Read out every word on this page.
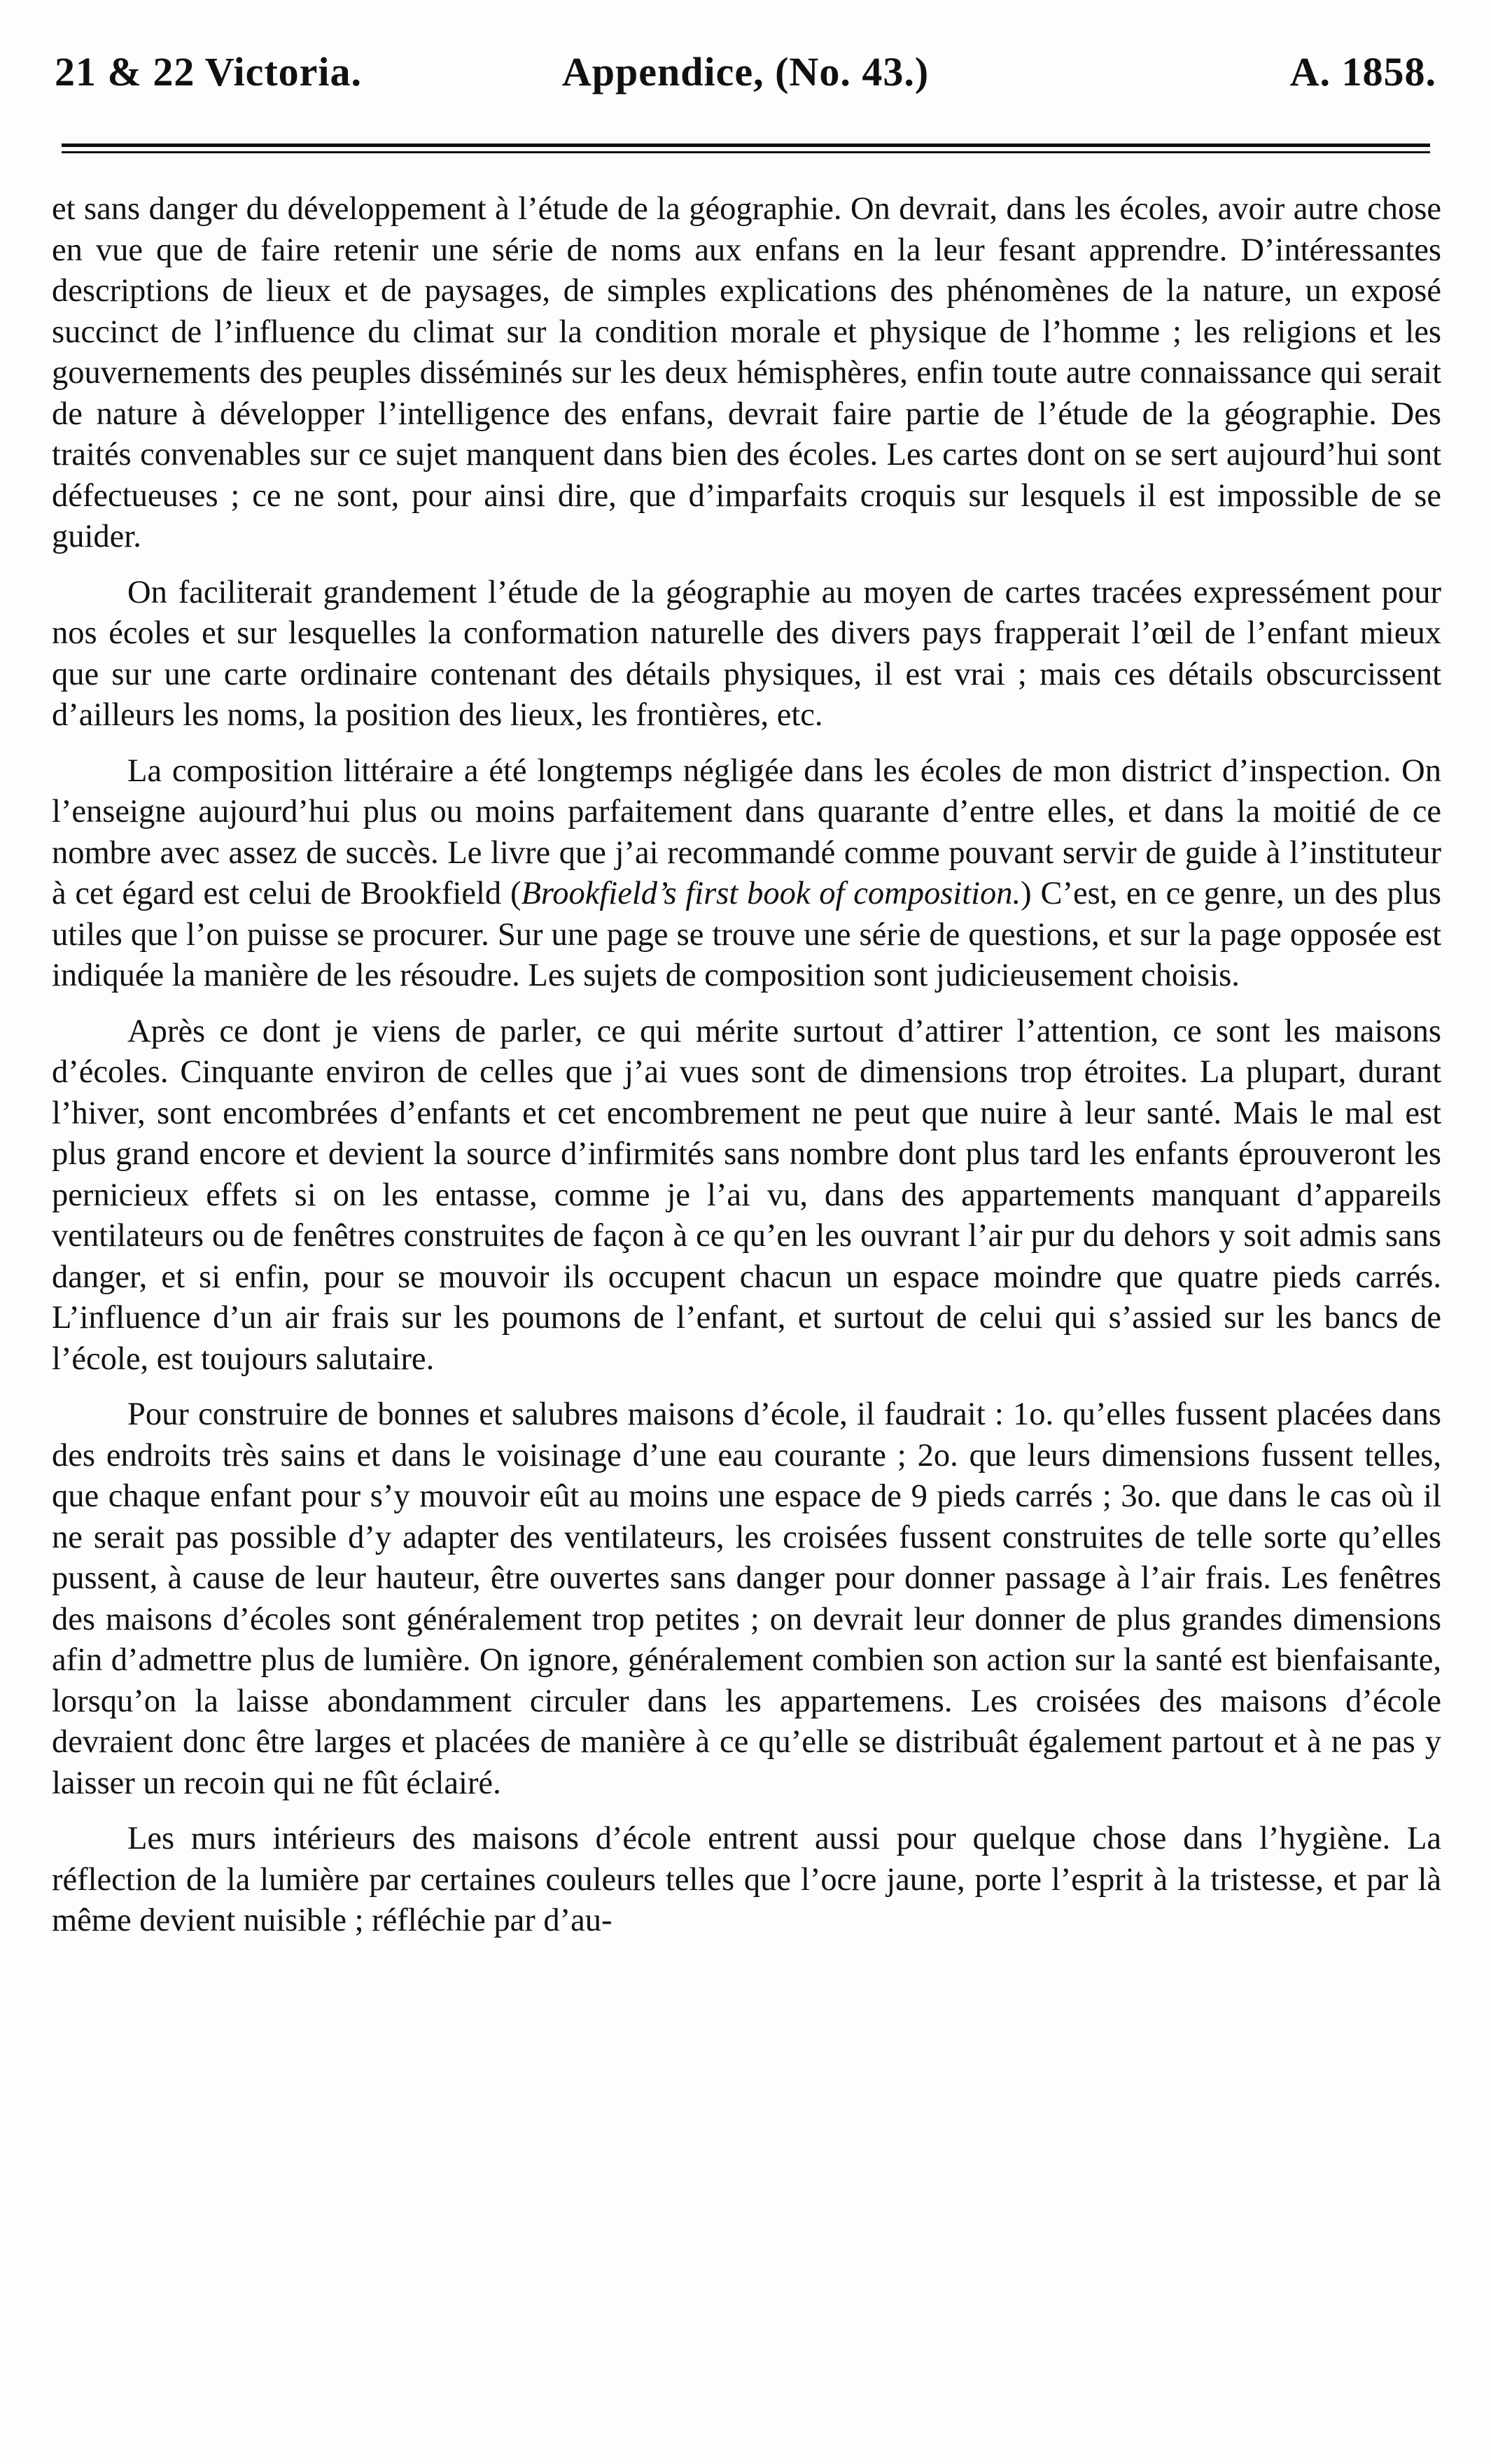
21 & 22 Victoria.	Appendice, (No. 43.)	A. 1858.

et sans danger du développement à l’étude de la géographie. On devrait, dans les écoles, avoir autre chose en vue que de faire retenir une série de noms aux enfans en la leur fesant apprendre. D’intéressantes descriptions de lieux et de paysages, de simples explications des phénomènes de la nature, un exposé succinct de l’influence du climat sur la condition morale et physique de l’homme ; les religions et les gouvernements des peuples disséminés sur les deux hémisphères, enfin toute autre connaissance qui serait de nature à développer l’intelligence des enfans, devrait faire partie de l’étude de la géographie. Des traités convenables sur ce sujet manquent dans bien des écoles. Les cartes dont on se sert aujourd’hui sont défectueuses ; ce ne sont, pour ainsi dire, que d’imparfaits croquis sur lesquels il est impossible de se guider.

On faciliterait grandement l’étude de la géographie au moyen de cartes tracées expressément pour nos écoles et sur lesquelles la conformation naturelle des divers pays frapperait l’œil de l’enfant mieux que sur une carte ordinaire contenant des détails physiques, il est vrai ; mais ces détails obscurcissent d’ailleurs les noms, la position des lieux, les frontières, etc.

La composition littéraire a été longtemps négligée dans les écoles de mon district d’inspection. On l’enseigne aujourd’hui plus ou moins parfaitement dans quarante d’entre elles, et dans la moitié de ce nombre avec assez de succès. Le livre que j’ai recommandé comme pouvant servir de guide à l’instituteur à cet égard est celui de Brookfield (Brookfield’s first book of composition.) C’est, en ce genre, un des plus utiles que l’on puisse se procurer. Sur une page se trouve une série de questions, et sur la page opposée est indiquée la manière de les résoudre. Les sujets de composition sont judicieusement choisis.

Après ce dont je viens de parler, ce qui mérite surtout d’attirer l’attention, ce sont les maisons d’écoles. Cinquante environ de celles que j’ai vues sont de dimensions trop étroites. La plupart, durant l’hiver, sont encombrées d’enfants et cet encombrement ne peut que nuire à leur santé. Mais le mal est plus grand encore et devient la source d’infirmités sans nombre dont plus tard les enfants éprouveront les pernicieux effets si on les entasse, comme je l’ai vu, dans des appartements manquant d’appareils ventilateurs ou de fenêtres construites de façon à ce qu’en les ouvrant l’air pur du dehors y soit admis sans danger, et si enfin, pour se mouvoir ils occupent chacun un espace moindre que quatre pieds carrés. L’influence d’un air frais sur les poumons de l’enfant, et surtout de celui qui s’assied sur les bancs de l’école, est toujours salutaire.

Pour construire de bonnes et salubres maisons d’école, il faudrait : 1o. qu’elles fussent placées dans des endroits très sains et dans le voisinage d’une eau courante ; 2o. que leurs dimensions fussent telles, que chaque enfant pour s’y mouvoir eût au moins une espace de 9 pieds carrés ; 3o. que dans le cas où il ne serait pas possible d’y adapter des ventilateurs, les croisées fussent construites de telle sorte qu’elles pussent, à cause de leur hauteur, être ouvertes sans danger pour donner passage à l’air frais. Les fenêtres des maisons d’écoles sont généralement trop petites ; on devrait leur donner de plus grandes dimensions afin d’admettre plus de lumière. On ignore, généralement combien son action sur la santé est bienfaisante, lorsqu’on la laisse abondamment circuler dans les appartemens. Les croisées des maisons d’école devraient donc être larges et placées de manière à ce qu’elle se distribuât également partout et à ne pas y laisser un recoin qui ne fût éclairé.

Les murs intérieurs des maisons d’école entrent aussi pour quelque chose dans l’hygiène. La réflection de la lumière par certaines couleurs telles que l’ocre jaune, porte l’esprit à la tristesse, et par là même devient nuisible ; réfléchie par d’au-
